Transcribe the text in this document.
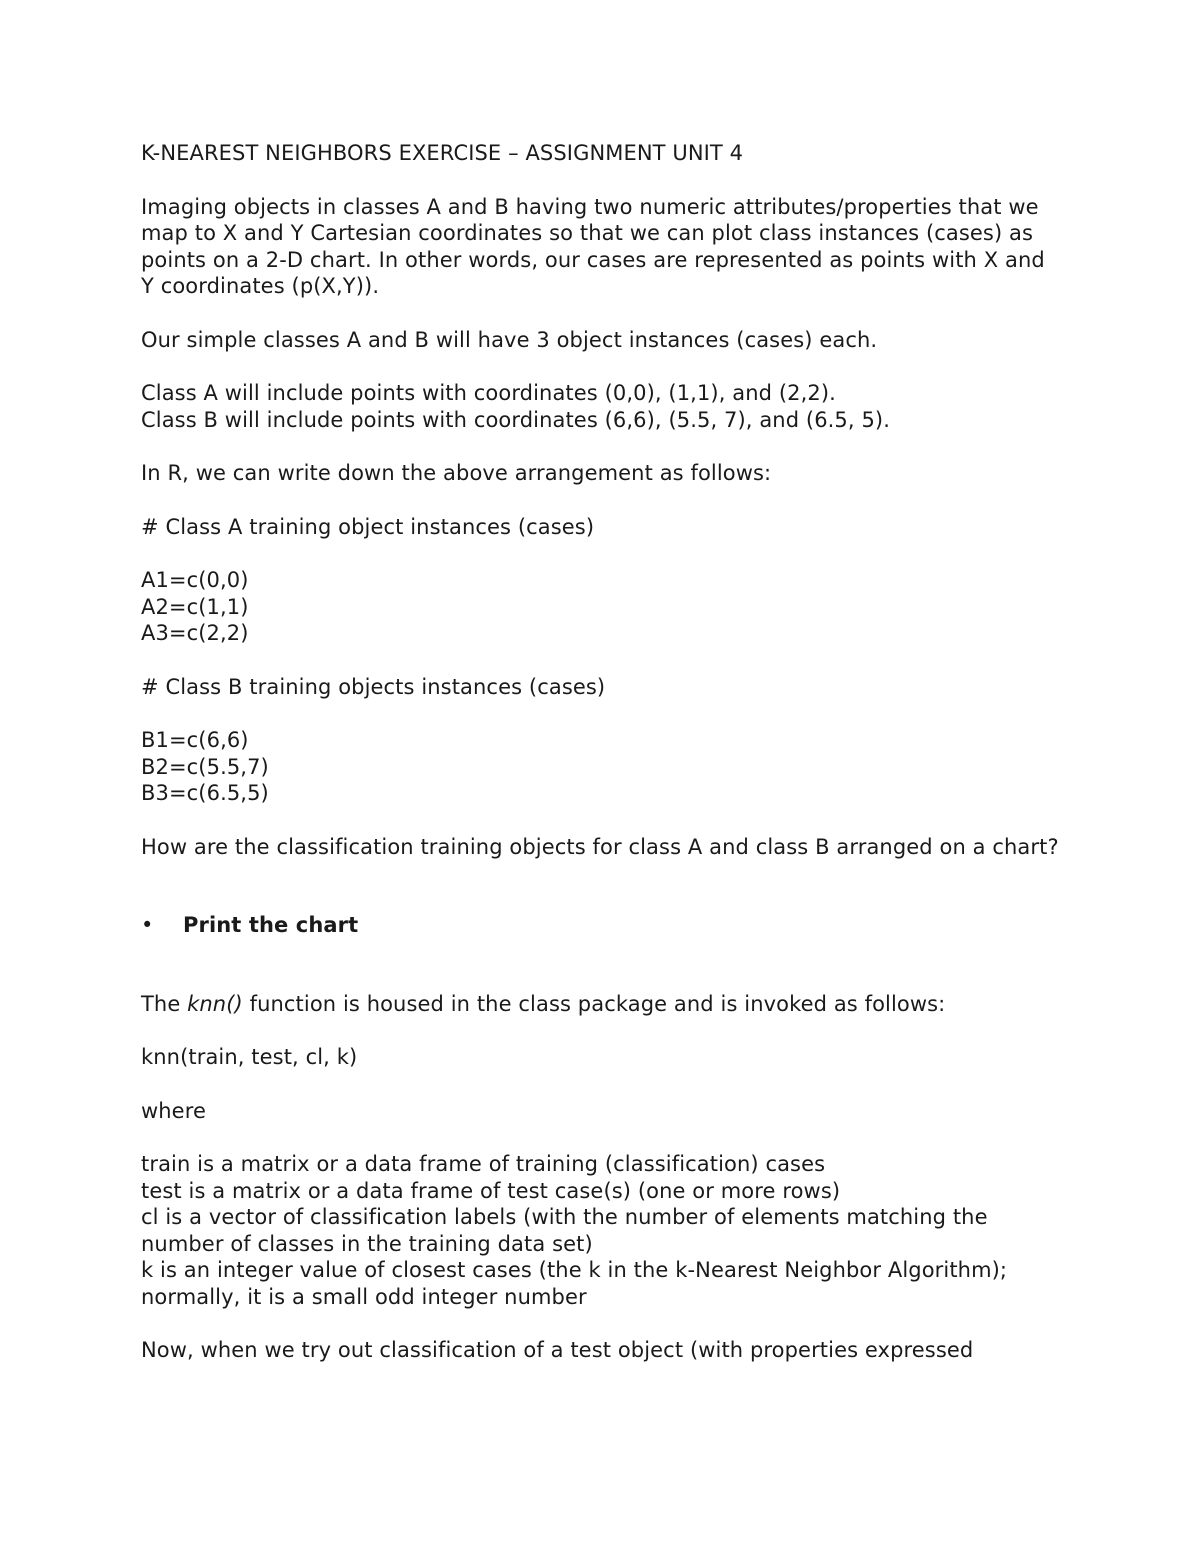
K-NEAREST NEIGHBORS EXERCISE – ASSIGNMENT UNIT 4

Imaging objects in classes A and B having two numeric attributes/properties that we map to X and Y Cartesian coordinates so that we can plot class instances (cases) as points on a 2-D chart. In other words, our cases are represented as points with X and Y coordinates (p(X,Y)).

Our simple classes A and B will have 3 object instances (cases) each.

Class A will include points with coordinates (0,0), (1,1), and (2,2).

Class B will include points with coordinates (6,6), (5.5, 7), and (6.5, 5).

In R, we can write down the above arrangement as follows:

# Class A training object instances (cases)

A1=c(0,0)

A2=c(1,1)

A3=c(2,2)

# Class B training objects instances (cases)

B1=c(6,6)

B2=c(5.5,7)

B3=c(6.5,5)

How are the classification training objects for class A and class B arranged on a chart?

•	Print the chart

The knn() function is housed in the class package and is invoked as follows:

knn(train, test, cl, k)

where

train is a matrix or a data frame of training (classification) cases

test is a matrix or a data frame of test case(s) (one or more rows)

cl is a vector of classification labels (with the number of elements matching the number of classes in the training data set)

k is an integer value of closest cases (the k in the k-Nearest Neighbor Algorithm); normally, it is a small odd integer number

Now, when we try out classification of a test object (with properties expressed
